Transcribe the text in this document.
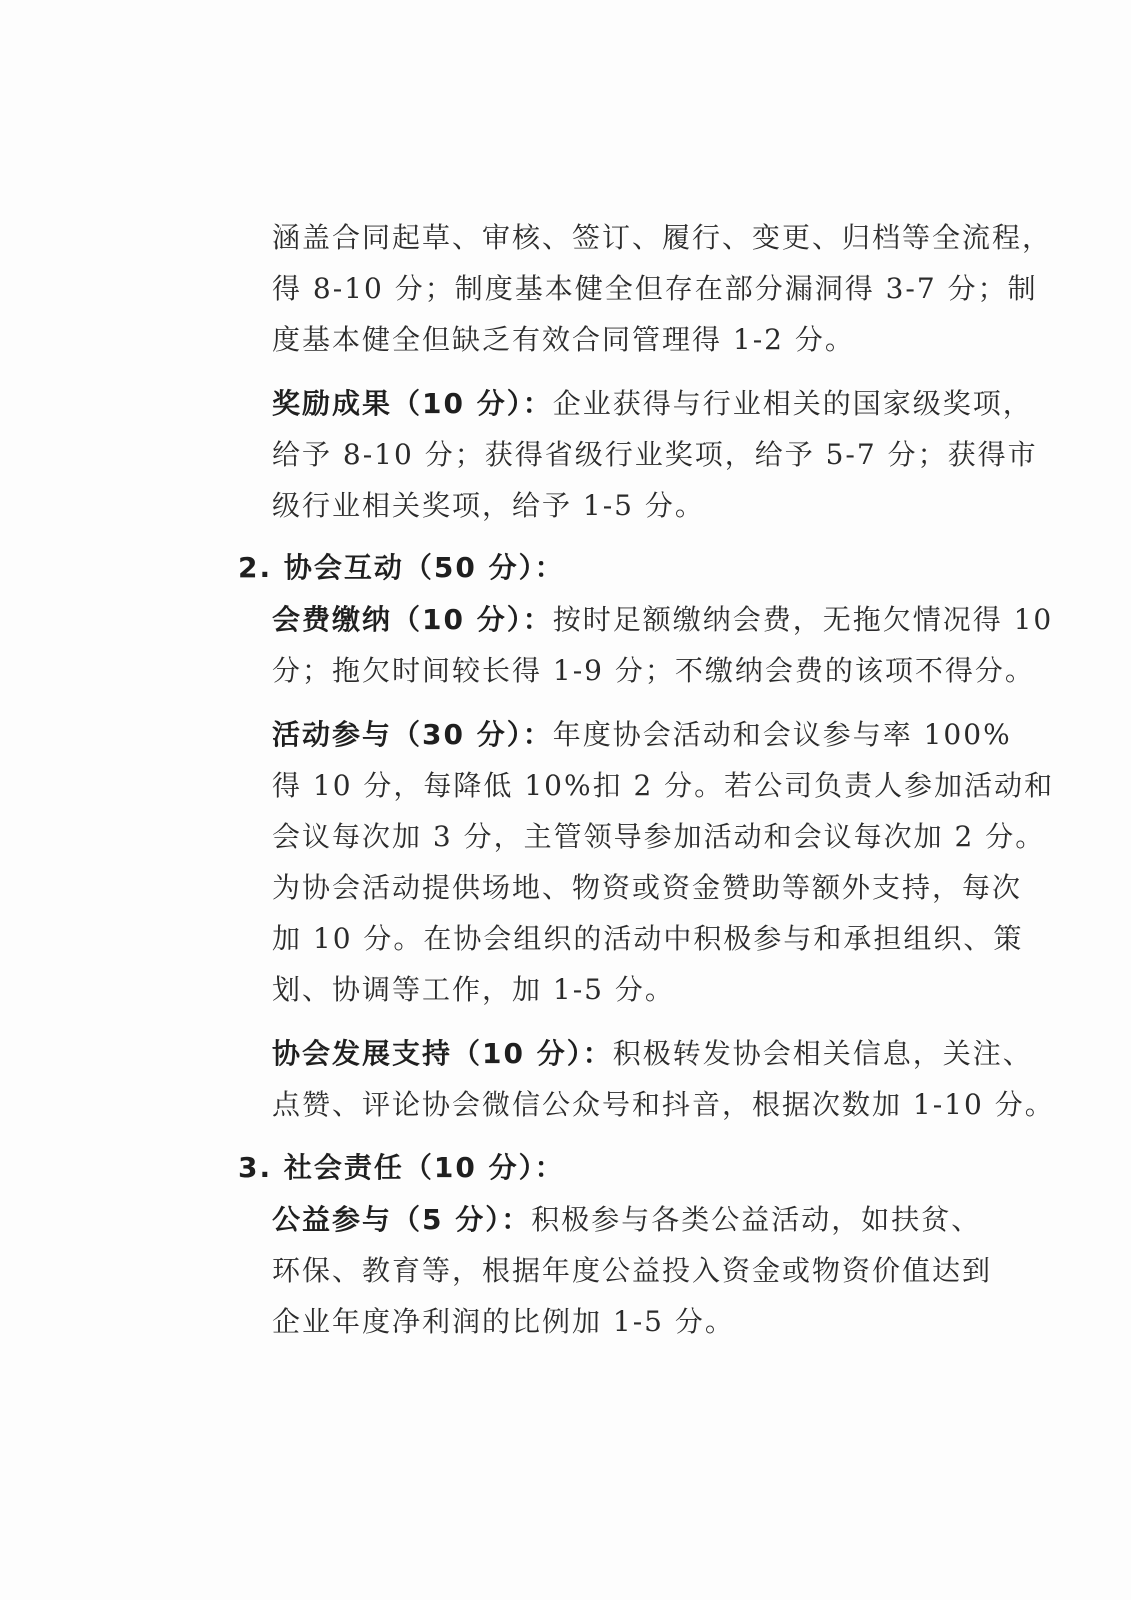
涵盖合同起草、审核、签订、履行、变更、归档等全流程，
得 8-10 分；制度基本健全但存在部分漏洞得 3-7 分；制
度基本健全但缺乏有效合同管理得 1-2 分。
奖励成果（10 分）：企业获得与行业相关的国家级奖项，
给予 8-10 分；获得省级行业奖项，给予 5-7 分；获得市
级行业相关奖项，给予 1-5 分。
2. 协会互动（50 分）：
会费缴纳（10 分）：按时足额缴纳会费，无拖欠情况得 10
分；拖欠时间较长得 1-9 分；不缴纳会费的该项不得分。
活动参与（30 分）：年度协会活动和会议参与率 100%
得 10 分，每降低 10%扣 2 分。若公司负责人参加活动和
会议每次加 3 分，主管领导参加活动和会议每次加 2 分。
为协会活动提供场地、物资或资金赞助等额外支持，每次
加 10 分。在协会组织的活动中积极参与和承担组织、策
划、协调等工作，加 1-5 分。
协会发展支持（10 分）：积极转发协会相关信息，关注、
点赞、评论协会微信公众号和抖音，根据次数加 1-10 分。
3. 社会责任（10 分）：
公益参与（5 分）：积极参与各类公益活动，如扶贫、
环保、教育等，根据年度公益投入资金或物资价值达到
企业年度净利润的比例加 1-5 分。
